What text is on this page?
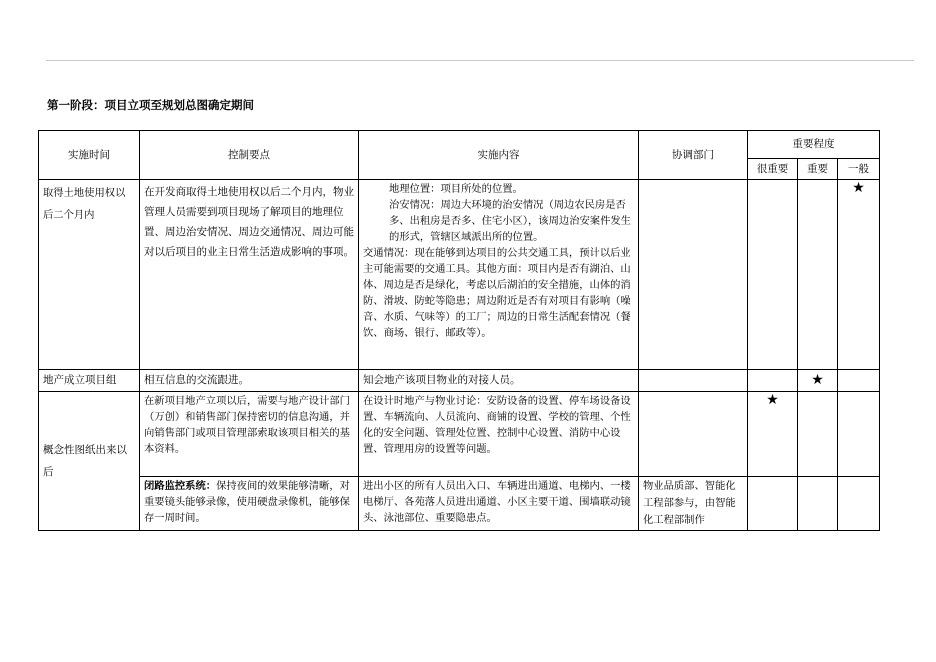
第一阶段：项目立项至规划总图确定期间
实施时间	控制要点	实施内容	协调部门	重要程度		
				很重要	重要	一般
取得土地使用权以后二个月内	在开发商取得土地使用权以后二个月内，物业管理人员需要到项目现场了解项目的地理位置、周边治安情况、周边交通情况、周边可能对以后项目的业主日常生活造成影响的事项。	地理位置：项目所处的位置。
治安情况：周边大环境的治安情况（周边农民房是否多、出租房是否多、住宅小区），该周边治安案件发生的形式，管辖区域派出所的位置。
交通情况：现在能够到达项目的公共交通工具，预计以后业主可能需要的交通工具。其他方面：项目内是否有湖泊、山体、周边是否是绿化，考虑以后湖泊的安全措施，山体的消防、滑坡、防蛇等隐患；周边附近是否有对项目有影响（噪音、水质、气味等）的工厂；周边的日常生活配套情况（餐饮、商场、银行、邮政等）。				★
地产成立项目组	相互信息的交流跟进。	知会地产该项目物业的对接人员。			★	
概念性图纸出来以后	在新项目地产立项以后，需要与地产设计部门（万创）和销售部门保持密切的信息沟通，并向销售部门或项目管理部索取该项目相关的基本资料。	在设计时地产与物业讨论：安防设备的设置、停车场设备设置、车辆流向、人员流向、商铺的设置、学校的管理、个性化的安全问题、管理处位置、控制中心设置、消防中心设置、管理用房的设置等问题。		★		
	闭路监控系统：保持夜间的效果能够清晰，对重要镜头能够录像，使用硬盘录像机，能够保存一周时间。	进出小区的所有人员出入口、车辆进出通道、电梯内、一楼电梯厅、各苑落人员进出通道、小区主要干道、围墙联动镜头、泳池部位、重要隐患点。	物业品质部、智能化工程部参与，由智能化工程部制作			
